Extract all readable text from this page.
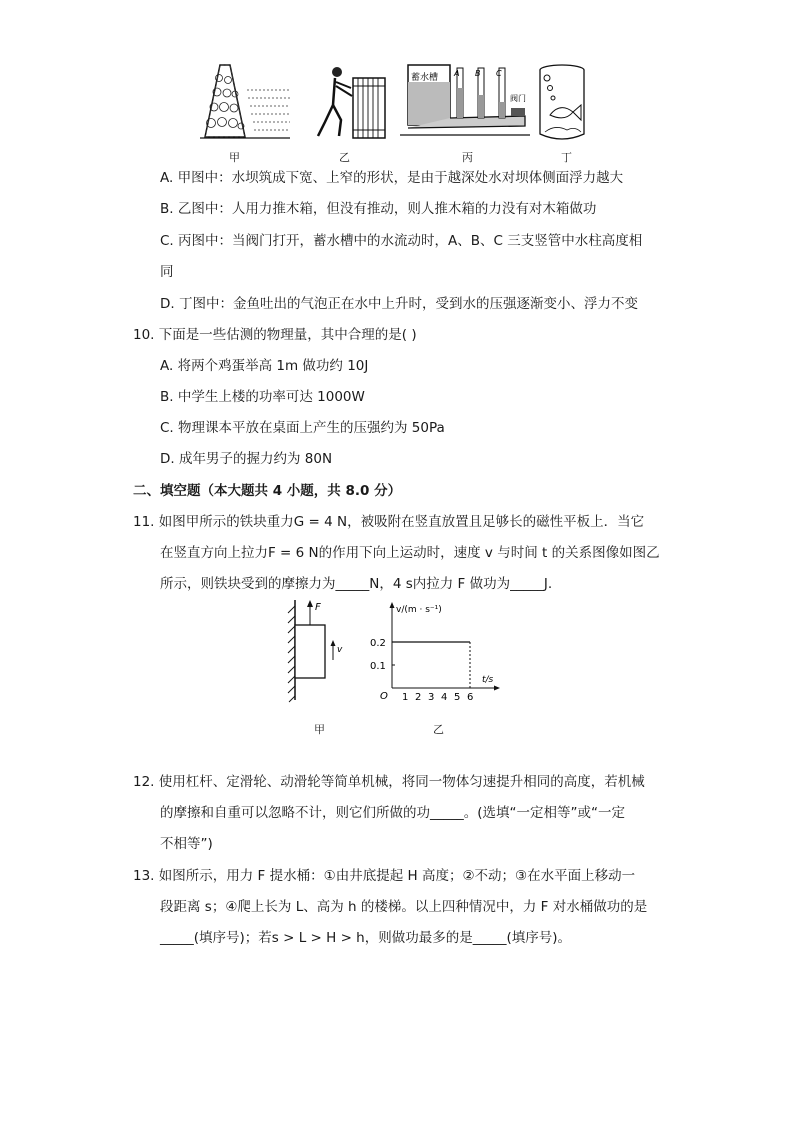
蓄水槽 A B C
阀门
甲	乙	丙	丁
A. 甲图中：水坝筑成下宽、上窄的形状，是由于越深处水对坝体侧面浮力越大
B. 乙图中：人用力推木箱，但没有推动，则人推木箱的力没有对木箱做功
C. 丙图中：当阀门打开，蓄水槽中的水流动时，A、B、C 三支竖管中水柱高度相
同
D. 丁图中：金鱼吐出的气泡正在水中上升时，受到水的压强逐渐变小、浮力不变
10. 下面是一些估测的物理量，其中合理的是( )
A. 将两个鸡蛋举高 1m 做功约 10J
B. 中学生上楼的功率可达 1000W
C. 物理课本平放在桌面上产生的压强约为 50Pa
D. 成年男子的握力约为 80N
二、填空题（本大题共 4 小题，共 8.0 分）
11. 如图甲所示的铁块重力G = 4 N，被吸附在竖直放置且足够长的磁性平板上．当它
在竖直方向上拉力F = 6 N的作用下向上运动时，速度 v 与时间 t 的关系图像如图乙
所示，则铁块受到的摩擦力为_____N，4 s内拉力 F 做功为_____J.
F
v
v/(m · s⁻¹)
t/s
O 1 2 3 4 5 6
0.1
0.2
甲	乙
12. 使用杠杆、定滑轮、动滑轮等简单机械，将同一物体匀速提升相同的高度，若机械
的摩擦和自重可以忽略不计，则它们所做的功_____。(选填“一定相等”或“一定
不相等”)
13. 如图所示，用力 F 提水桶：①由井底提起 H 高度；②不动；③在水平面上移动一
段距离 s；④爬上长为 L、高为 h 的楼梯。以上四种情况中，力 F 对水桶做功的是
_____(填序号)；若s > L > H > h，则做功最多的是_____(填序号)。
